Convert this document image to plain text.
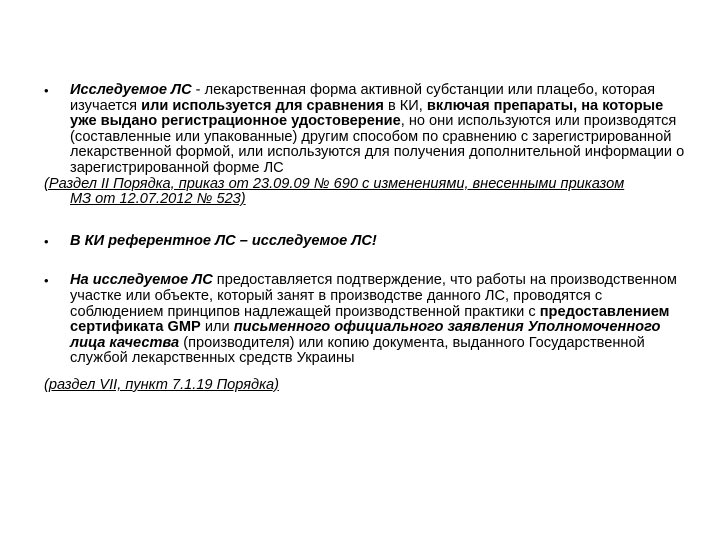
• Исследуемое ЛС - лекарственная форма активной субстанции или плацебо, которая изучается или используется для сравнения в КИ, включая препараты, на которые уже выдано регистрационное удостоверение, но они используются или производятся (составленные или упакованные) другим способом по сравнению с зарегистрированной лекарственной формой, или используются для получения дополнительной информации о зарегистрированной форме ЛС
(Раздел II Порядка, приказ от 23.09.09 № 690 с изменениями, внесенными приказом
МЗ от 12.07.2012 № 523)
• В КИ референтное ЛС – исследуемое ЛС!
• На исследуемое ЛС предоставляется подтверждение, что работы на производственном участке или объекте, который занят в производстве данного ЛС, проводятся с соблюдением принципов надлежащей производственной практики с предоставлением сертификата GMP или письменного официального заявления Уполномоченного лица качества (производителя) или копию документа, выданного Государственной службой лекарственных средств Украины
(раздел VII, пункт 7.1.19 Порядка)
